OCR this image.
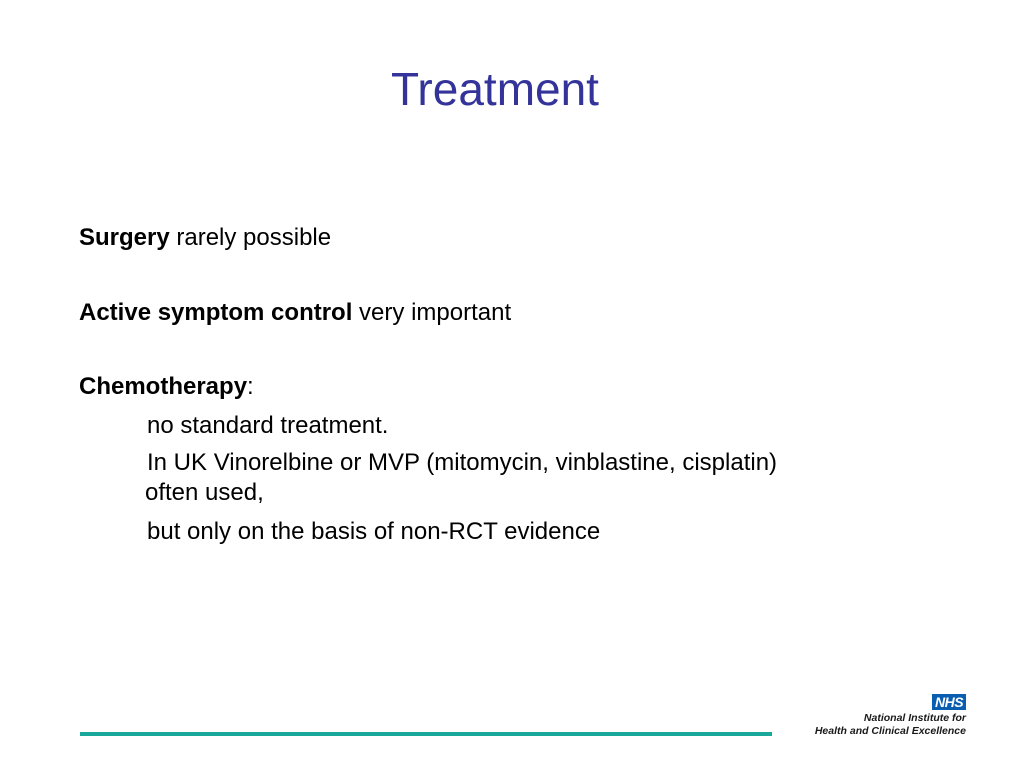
Treatment

Surgery rarely possible

Active symptom control very important

Chemotherapy:

no standard treatment.

In UK Vinorelbine or MVP (mitomycin, vinblastine, cisplatin)
often used,

but only on the basis of non-RCT evidence

NHS
National Institute for
Health and Clinical Excellence
